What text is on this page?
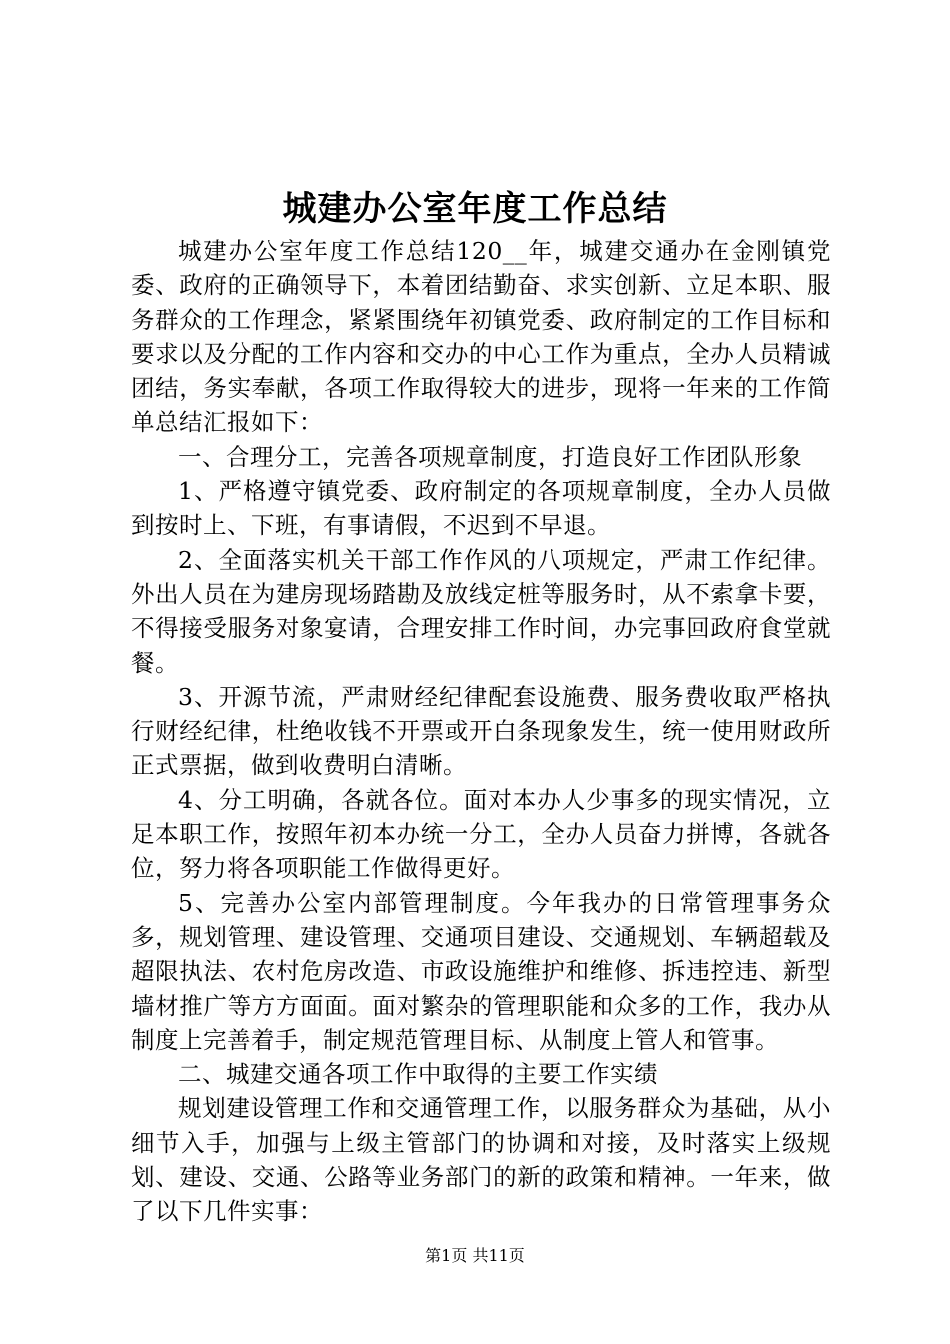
城建办公室年度工作总结

城建办公室年度工作总结120__年，城建交通办在金刚镇党委、政府的正确领导下，本着团结勤奋、求实创新、立足本职、服务群众的工作理念，紧紧围绕年初镇党委、政府制定的工作目标和要求以及分配的工作内容和交办的中心工作为重点，全办人员精诚团结，务实奉献，各项工作取得较大的进步，现将一年来的工作简单总结汇报如下：

一、合理分工，完善各项规章制度，打造良好工作团队形象

1、严格遵守镇党委、政府制定的各项规章制度，全办人员做到按时上、下班，有事请假，不迟到不早退。

2、全面落实机关干部工作作风的八项规定，严肃工作纪律。外出人员在为建房现场踏勘及放线定桩等服务时，从不索拿卡要，不得接受服务对象宴请，合理安排工作时间，办完事回政府食堂就餐。

3、开源节流，严肃财经纪律配套设施费、服务费收取严格执行财经纪律，杜绝收钱不开票或开白条现象发生，统一使用财政所正式票据，做到收费明白清晰。

4、分工明确，各就各位。面对本办人少事多的现实情况，立足本职工作，按照年初本办统一分工，全办人员奋力拼博，各就各位，努力将各项职能工作做得更好。

5、完善办公室内部管理制度。今年我办的日常管理事务众多，规划管理、建设管理、交通项目建设、交通规划、车辆超载及超限执法、农村危房改造、市政设施维护和维修、拆违控违、新型墙材推广等方方面面。面对繁杂的管理职能和众多的工作，我办从制度上完善着手，制定规范管理目标、从制度上管人和管事。

二、城建交通各项工作中取得的主要工作实绩

规划建设管理工作和交通管理工作，以服务群众为基础，从小细节入手，加强与上级主管部门的协调和对接，及时落实上级规划、建设、交通、公路等业务部门的新的政策和精神。一年来，做了以下几件实事：

第1页 共11页
